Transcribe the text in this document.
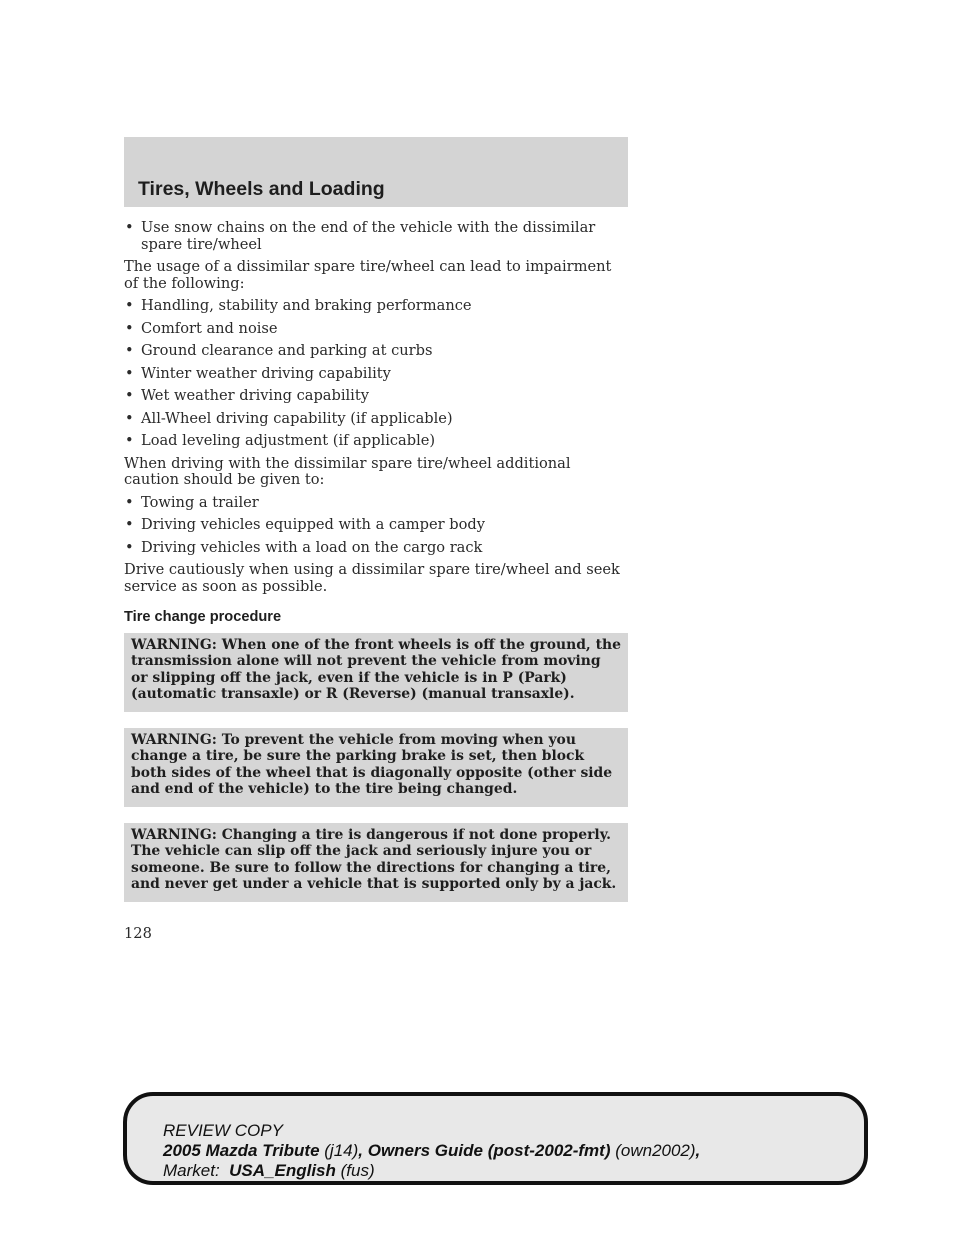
Tires, Wheels and Loading
• Use snow chains on the end of the vehicle with the dissimilar spare tire/wheel

The usage of a dissimilar spare tire/wheel can lead to impairment of the following:

• Handling, stability and braking performance
• Comfort and noise
• Ground clearance and parking at curbs
• Winter weather driving capability
• Wet weather driving capability
• All-Wheel driving capability (if applicable)
• Load leveling adjustment (if applicable)

When driving with the dissimilar spare tire/wheel additional caution should be given to:

• Towing a trailer
• Driving vehicles equipped with a camper body
• Driving vehicles with a load on the cargo rack

Drive cautiously when using a dissimilar spare tire/wheel and seek service as soon as possible.

Tire change procedure
WARNING: When one of the front wheels is off the ground, the transmission alone will not prevent the vehicle from moving or slipping off the jack, even if the vehicle is in P (Park) (automatic transaxle) or R (Reverse) (manual transaxle).
WARNING: To prevent the vehicle from moving when you change a tire, be sure the parking brake is set, then block both sides of the wheel that is diagonally opposite (other side and end of the vehicle) to the tire being changed.
WARNING: Changing a tire is dangerous if not done properly. The vehicle can slip off the jack and seriously injure you or someone. Be sure to follow the directions for changing a tire, and never get under a vehicle that is supported only by a jack.
128
REVIEW COPY
2005 Mazda Tribute (j14), Owners Guide (post-2002-fmt) (own2002),
Market: USA_English (fus)
